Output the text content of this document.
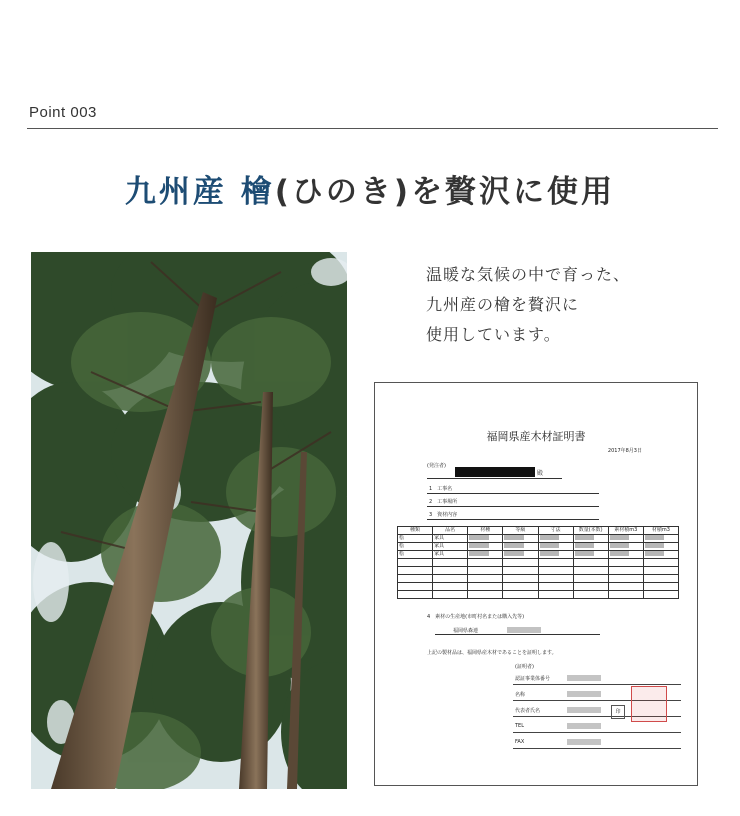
Point 003
九州産 檜(ひのき)を贅沢に使用
温暖な気候の中で育った、
九州産の檜を贅沢に
使用しています。
福岡県産木材証明書
2017年8月3日
(発注者)
殿
1　工事名
2　工事場所
3　資材内容
種類	品名	材種	等級	寸法	数量(本数)	素材積m3	材積m3
桧	家具						
桧	家具						
桧	家具						

4　素材の生産地(市町村名または購入先等)
福岡県森連
上記の製材品は、福岡県産木材であることを証明します。
(証明者)
認証事業体番号
名称
代表者氏名
TEL
FAX
印
